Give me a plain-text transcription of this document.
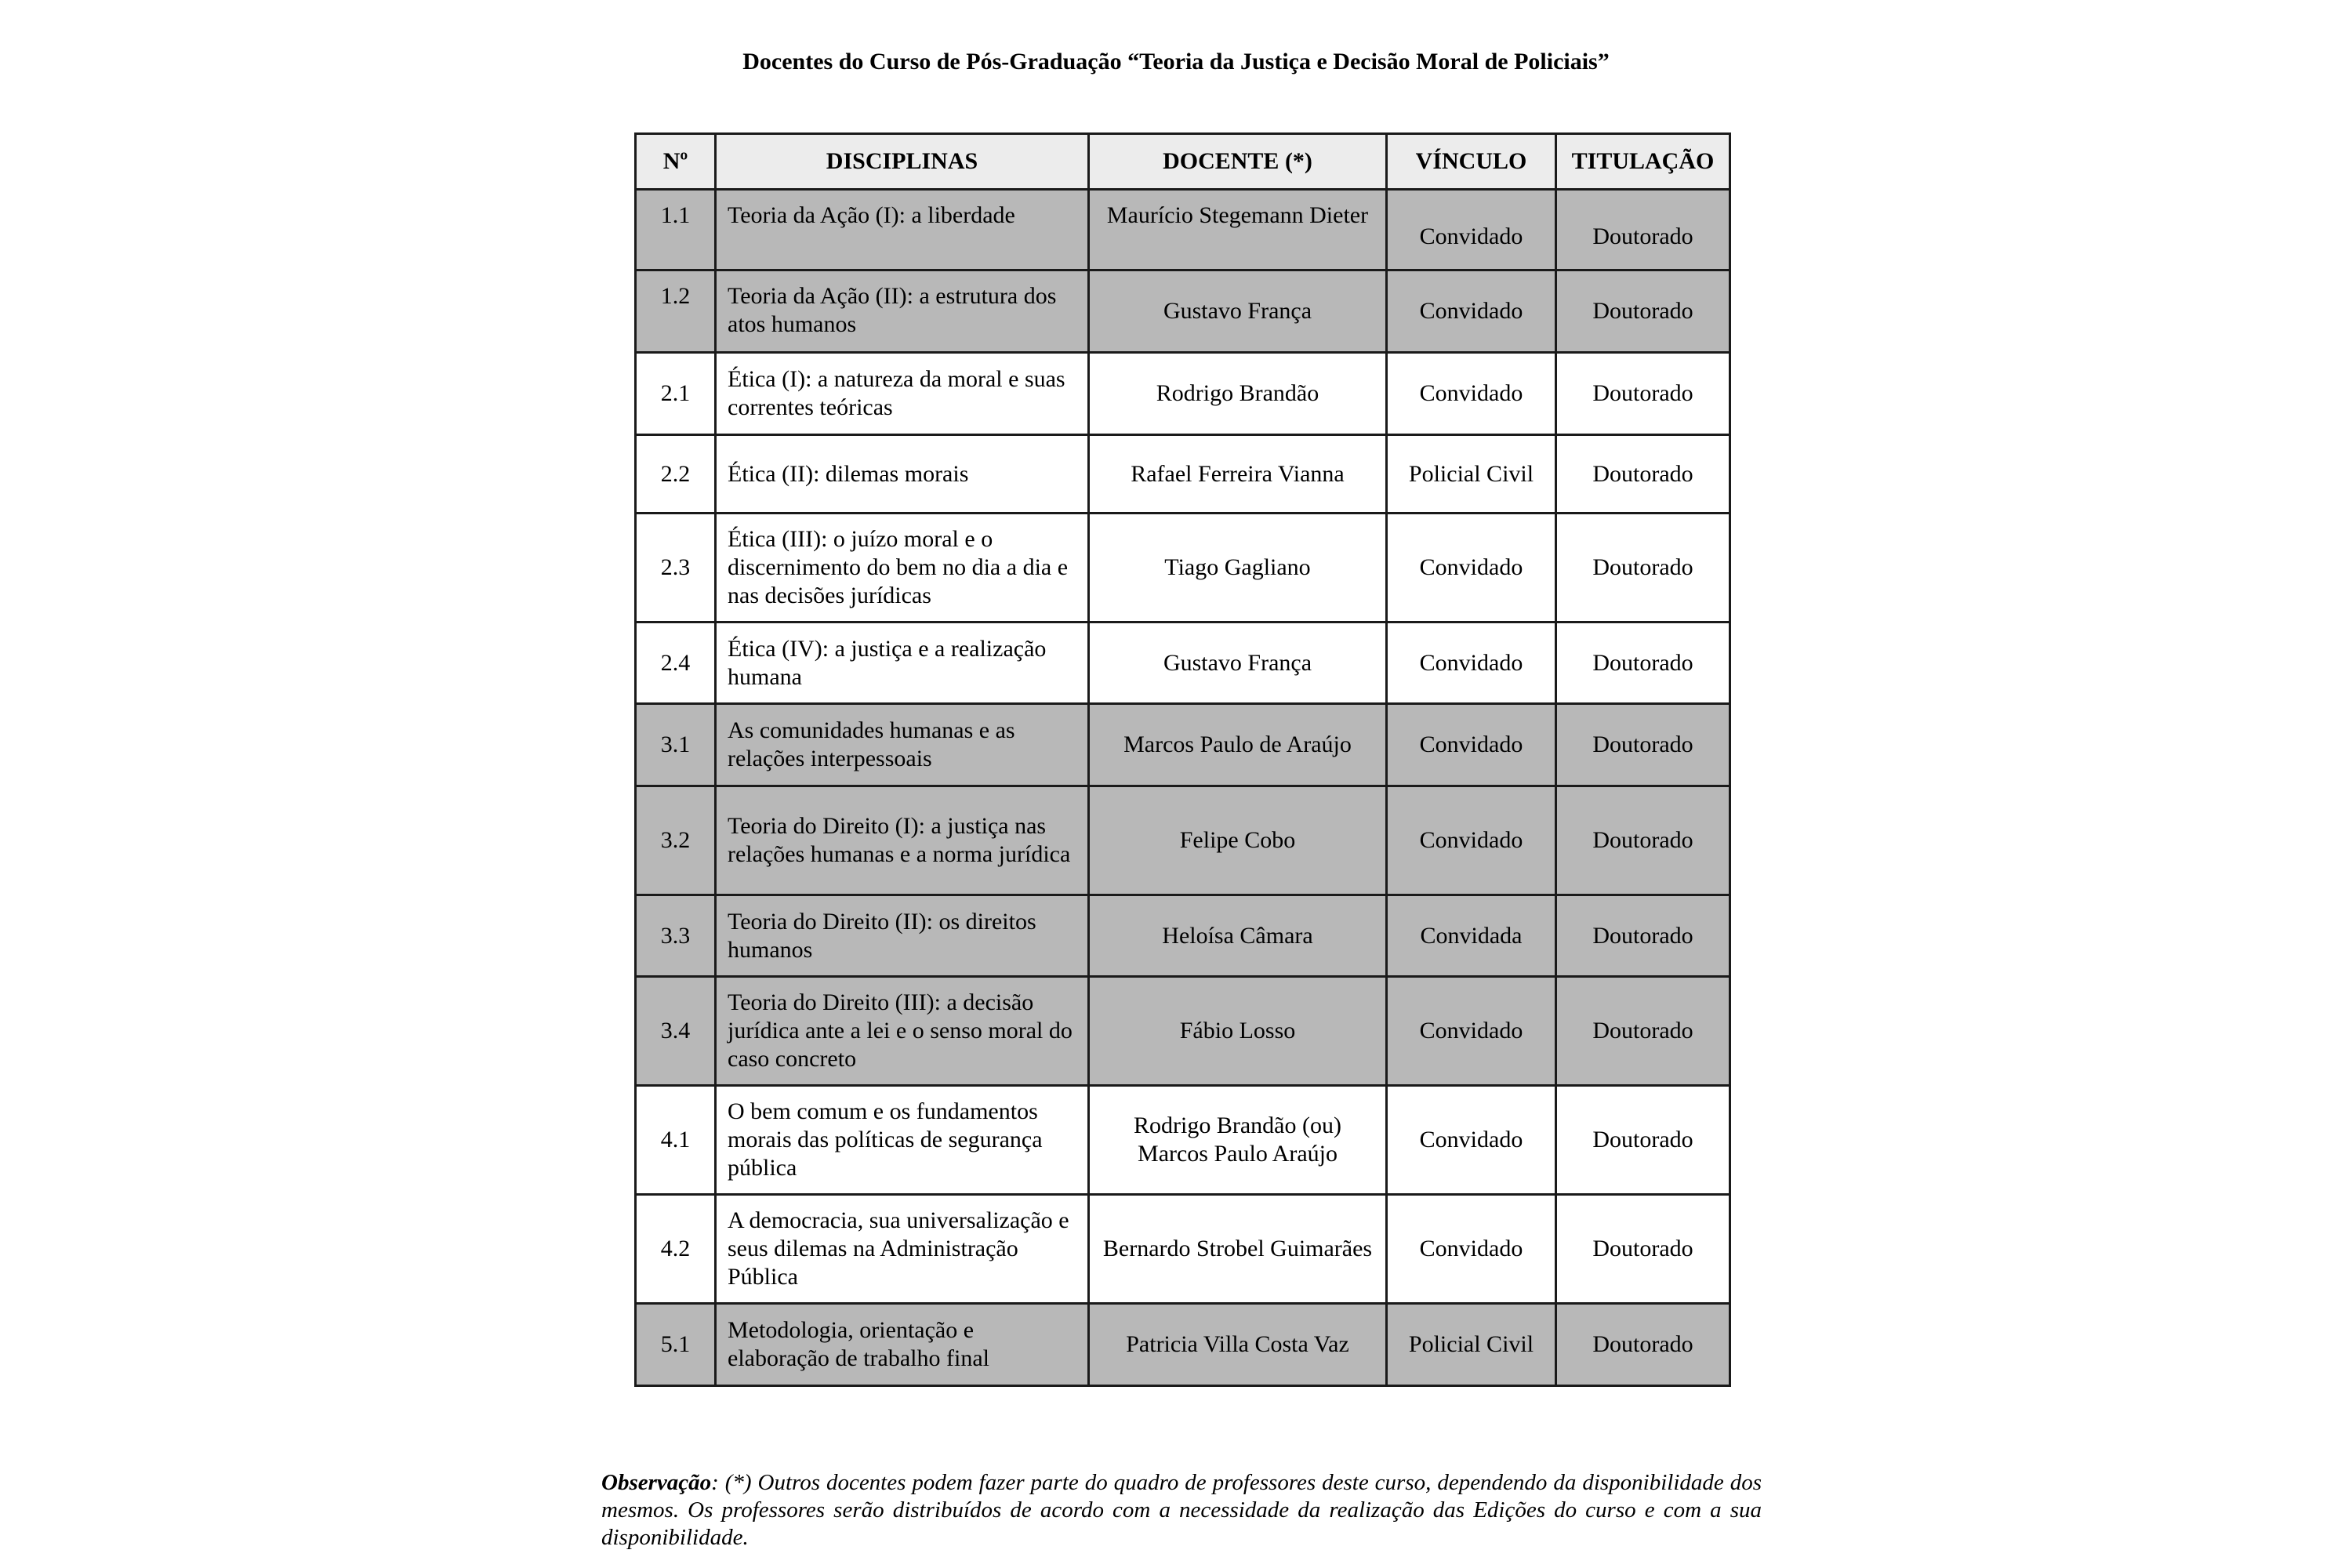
Docentes do Curso de Pós-Graduação “Teoria da Justiça e Decisão Moral de Policiais”
Nº	DISCIPLINAS	DOCENTE (*)	VÍNCULO	TITULAÇÃO
1.1	Teoria da Ação (I): a liberdade	Maurício Stegemann Dieter	Convidado	Doutorado
1.2	Teoria da Ação (II): a estrutura dos atos humanos	Gustavo França	Convidado	Doutorado
2.1	Ética (I): a natureza da moral e suas correntes teóricas	Rodrigo Brandão	Convidado	Doutorado
2.2	Ética (II): dilemas morais	Rafael Ferreira Vianna	Policial Civil	Doutorado
2.3	Ética (III): o juízo moral e o discernimento do bem no dia a dia e nas decisões jurídicas	Tiago Gagliano	Convidado	Doutorado
2.4	Ética (IV): a justiça e a realização humana	Gustavo França	Convidado	Doutorado
3.1	As comunidades humanas e as relações interpessoais	Marcos Paulo de Araújo	Convidado	Doutorado
3.2	Teoria do Direito (I): a justiça nas relações humanas e a norma jurídica	Felipe Cobo	Convidado	Doutorado
3.3	Teoria do Direito (II): os direitos humanos	Heloísa Câmara	Convidada	Doutorado
3.4	Teoria do Direito (III): a decisão jurídica ante a lei e o senso moral do caso concreto	Fábio Losso	Convidado	Doutorado
4.1	O bem comum e os fundamentos morais das políticas de segurança pública	Rodrigo Brandão (ou) Marcos Paulo Araújo	Convidado	Doutorado
4.2	A democracia, sua universalização e seus dilemas na Administração Pública	Bernardo Strobel Guimarães	Convidado	Doutorado
5.1	Metodologia, orientação e elaboração de trabalho final	Patricia Villa Costa Vaz	Policial Civil	Doutorado
Observação: (*) Outros docentes podem fazer parte do quadro de professores deste curso, dependendo da disponibilidade dos mesmos. Os professores serão distribuídos de acordo com a necessidade da realização das Edições do curso e com a sua disponibilidade.
